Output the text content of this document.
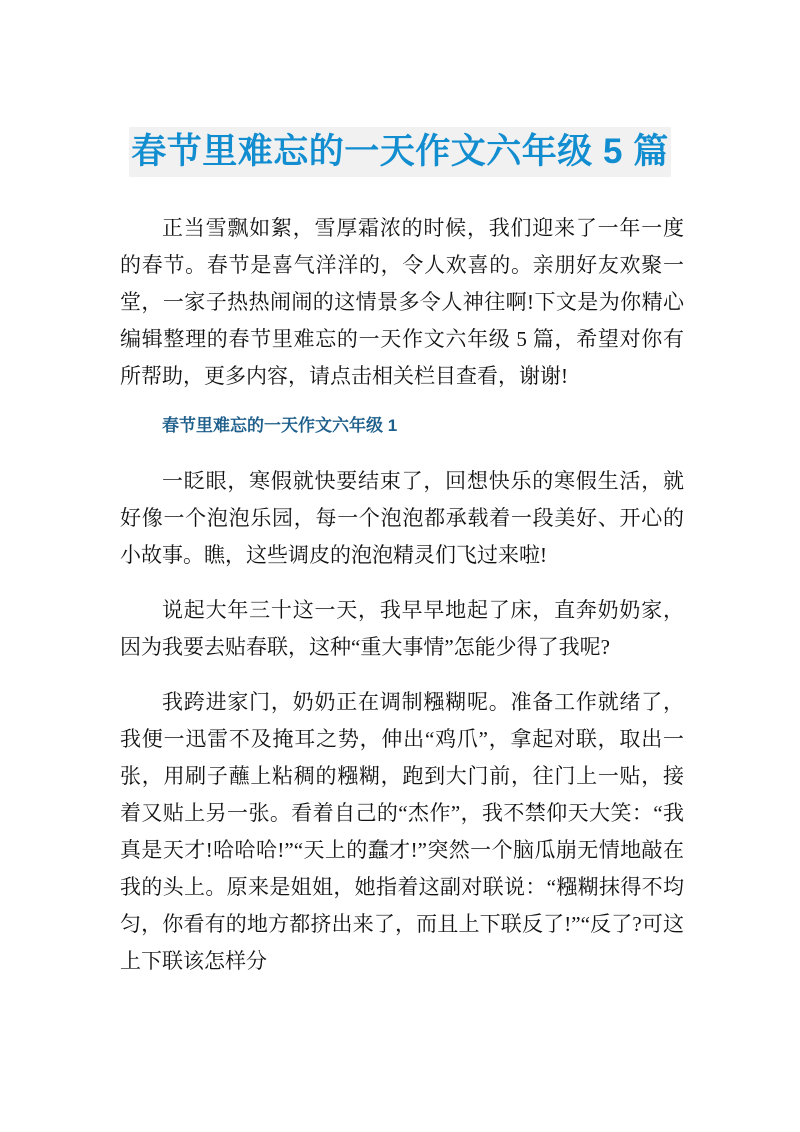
春节里难忘的一天作文六年级 5 篇

正当雪飘如絮，雪厚霜浓的时候，我们迎来了一年一度的春节。春节是喜气洋洋的，令人欢喜的。亲朋好友欢聚一堂，一家子热热闹闹的这情景多令人神往啊!下文是为你精心编辑整理的春节里难忘的一天作文六年级 5 篇，希望对你有所帮助，更多内容，请点击相关栏目查看，谢谢!

春节里难忘的一天作文六年级 1

一眨眼，寒假就快要结束了，回想快乐的寒假生活，就好像一个泡泡乐园，每一个泡泡都承载着一段美好、开心的小故事。瞧，这些调皮的泡泡精灵们飞过来啦!

说起大年三十这一天，我早早地起了床，直奔奶奶家，因为我要去贴春联，这种“重大事情”怎能少得了我呢?

我跨进家门，奶奶正在调制糨糊呢。准备工作就绪了，我便一迅雷不及掩耳之势，伸出“鸡爪”，拿起对联，取出一张，用刷子蘸上粘稠的糨糊，跑到大门前，往门上一贴，接着又贴上另一张。看着自己的“杰作”，我不禁仰天大笑：“我真是天才!哈哈哈!”“天上的蠢才!”突然一个脑瓜崩无情地敲在我的头上。原来是姐姐，她指着这副对联说：“糨糊抹得不均匀，你看有的地方都挤出来了，而且上下联反了!”“反了?可这上下联该怎样分
